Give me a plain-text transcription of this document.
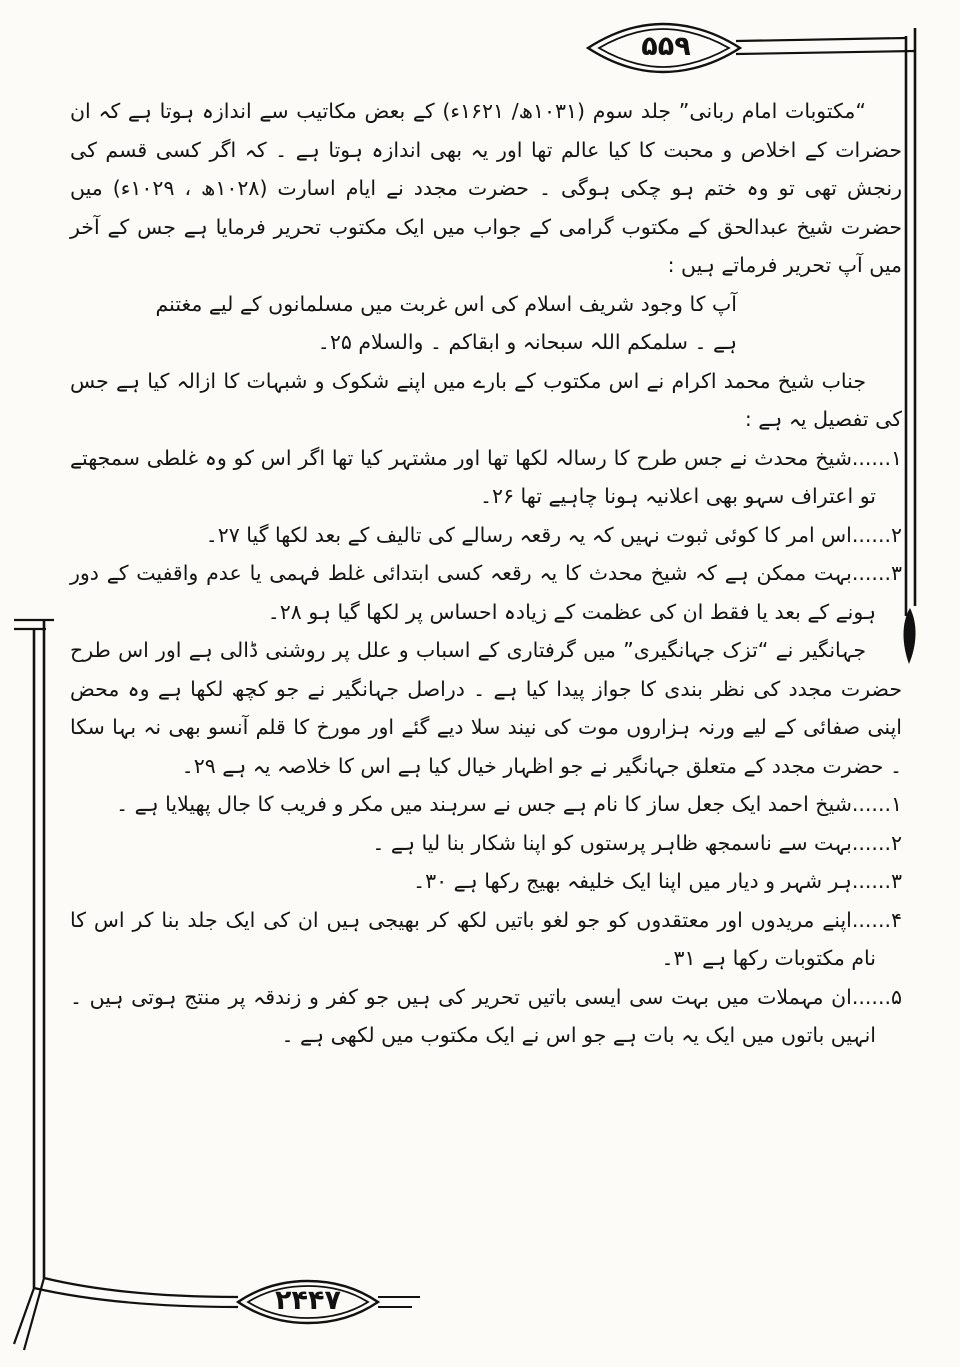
۵۵۹
۲۴۴۷

“مکتوبات امام ربانی” جلد سوم (۱۰۳۱ھ/ ۱۶۲۱ء) کے بعض مکاتیب سے اندازہ ہوتا ہے کہ ان حضرات کے اخلاص و محبت کا کیا عالم تھا اور یہ بھی اندازہ ہوتا ہے ۔ کہ اگر کسی قسم کی رنجش تھی تو وہ ختم ہو چکی ہوگی ۔ حضرت مجدد نے ایام اسارت (۱۰۲۸ھ ، ۱۰۲۹ء) میں حضرت شیخ عبدالحق کے مکتوب گرامی کے جواب میں ایک مکتوب تحریر فرمایا ہے جس کے آخر میں آپ تحریر فرماتے ہیں :

آپ کا وجود شریف اسلام کی اس غربت میں مسلمانوں کے لیے مغتنم

ہے ۔ سلمکم اللہ سبحانہ و ابقاکم ۔ والسلام ۲۵۔

جناب شیخ محمد اکرام نے اس مکتوب کے بارے میں اپنے شکوک و شبہات کا ازالہ کیا ہے جس کی تفصیل یہ ہے :

۱......شیخ محدث نے جس طرح کا رسالہ لکھا تھا اور مشتہر کیا تھا اگر اس کو وہ غلطی سمجھتے تو اعتراف سہو بھی اعلانیہ ہونا چاہیے تھا ۲۶۔

۲......اس امر کا کوئی ثبوت نہیں کہ یہ رقعہ رسالے کی تالیف کے بعد لکھا گیا ۲۷۔

۳......بہت ممکن ہے کہ شیخ محدث کا یہ رقعہ کسی ابتدائی غلط فہمی یا عدم واقفیت کے دور ہونے کے بعد یا فقط ان کی عظمت کے زیادہ احساس پر لکھا گیا ہو ۲۸۔

جہانگیر نے “تزک جہانگیری” میں گرفتاری کے اسباب و علل پر روشنی ڈالی ہے اور اس طرح حضرت مجدد کی نظر بندی کا جواز پیدا کیا ہے ۔ دراصل جہانگیر نے جو کچھ لکھا ہے وہ محض اپنی صفائی کے لیے ورنہ ہزاروں موت کی نیند سلا دیے گئے اور مورخ کا قلم آنسو بھی نہ بہا سکا ۔ حضرت مجدد کے متعلق جہانگیر نے جو اظہار خیال کیا ہے اس کا خلاصہ یہ ہے ۲۹۔

۱......شیخ احمد ایک جعل ساز کا نام ہے جس نے سرہند میں مکر و فریب کا جال پھیلایا ہے ۔

۲......بہت سے ناسمجھ ظاہر پرستوں کو اپنا شکار بنا لیا ہے ۔

۳......ہر شہر و دیار میں اپنا ایک خلیفہ بھیج رکھا ہے ۳۰۔

۴......اپنے مریدوں اور معتقدوں کو جو لغو باتیں لکھ کر بھیجی ہیں ان کی ایک جلد بنا کر اس کا نام مکتوبات رکھا ہے ۳۱۔

۵......ان مہملات میں بہت سی ایسی باتیں تحریر کی ہیں جو کفر و زندقہ پر منتج ہوتی ہیں ۔ انہیں باتوں میں ایک یہ بات ہے جو اس نے ایک مکتوب میں لکھی ہے ۔
